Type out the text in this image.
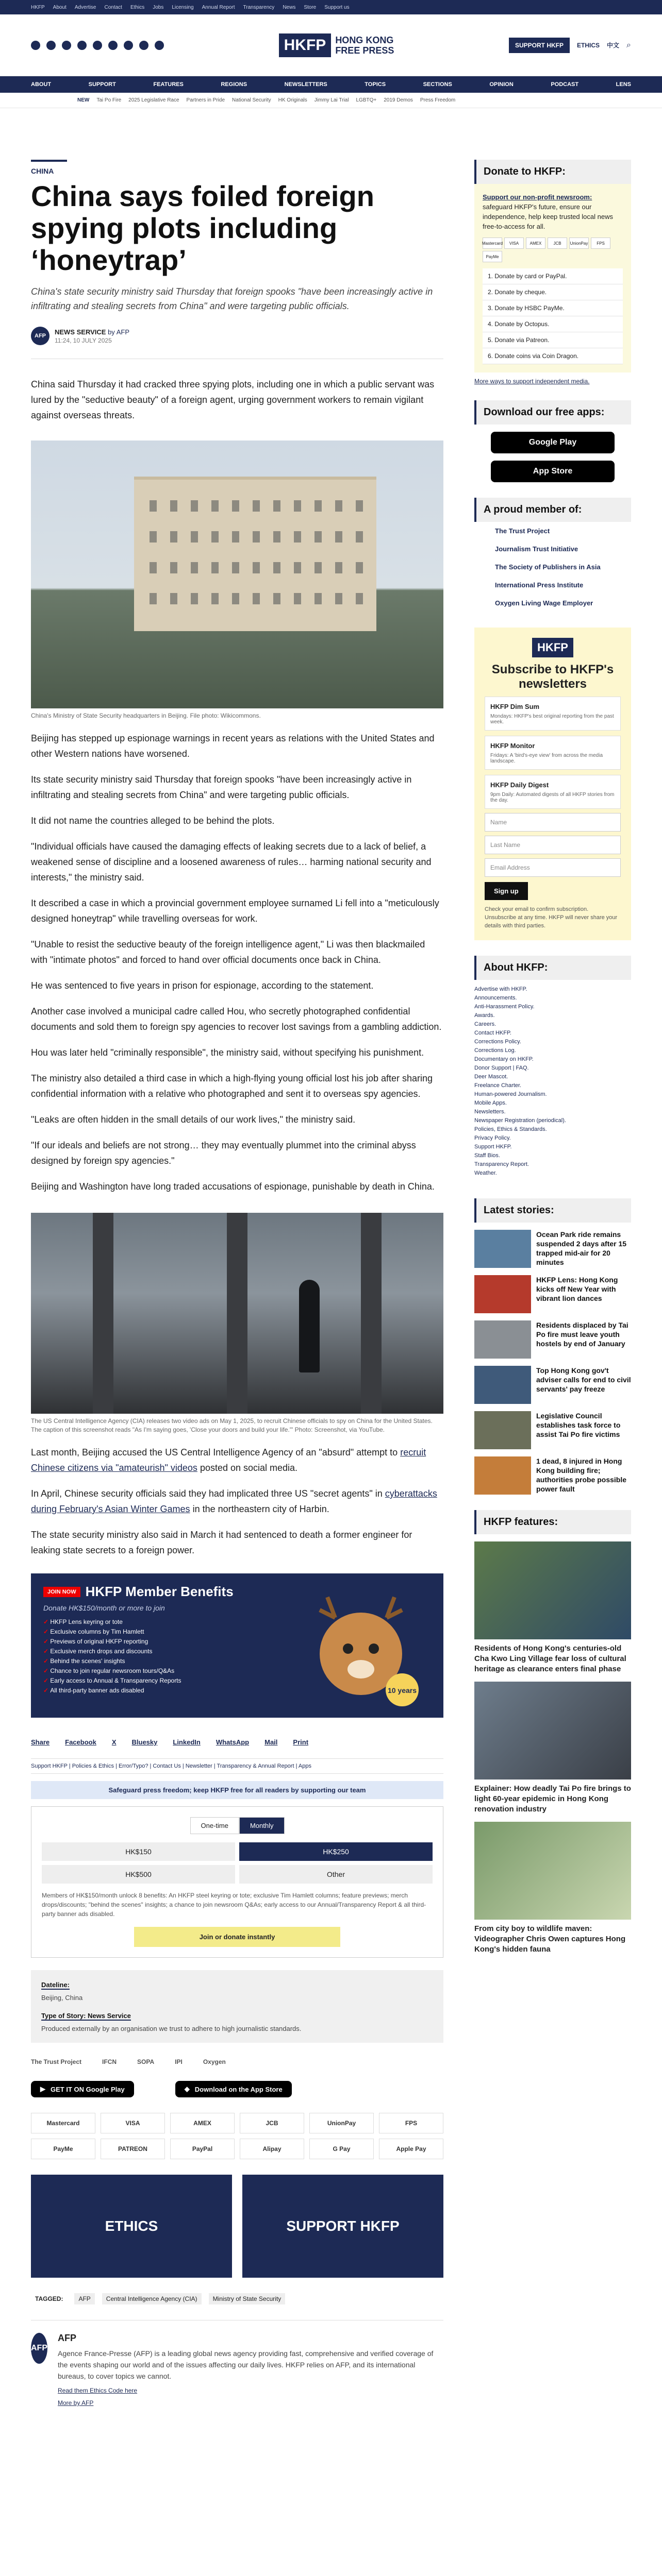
HKFP About Advertise Contact Ethics Jobs Licensing Annual Report Transparency News Store Support us
HKFP	HONG KONG
FREE PRESS	SUPPORT HKFP	ETHICS 中文 ⌕
ABOUT	SUPPORT	FEATURES	REGIONS	NEWSLETTERS	TOPICS	SECTIONS	OPINION	PODCAST	LENS
NEW Tai Po Fire 2025 Legislative Race Partners in Pride National Security HK Originals Jimmy Lai Trial LGBTQ+ 2019 Demos Press Freedom
CHINA
China says foiled foreign spying plots including ‘honeytrap’
China's state security ministry said Thursday that foreign spooks "have been increasingly active in infiltrating and stealing secrets from China" and were targeting public officials.
AFP
NEWS SERVICE by AFP
11:24, 10 JULY 2025
China said Thursday it had cracked three spying plots, including one in which a public servant was lured by the "seductive beauty" of a foreign agent, urging government workers to remain vigilant against overseas threats.
China's Ministry of State Security headquarters in Beijing. File photo: Wikicommons.
Beijing has stepped up espionage warnings in recent years as relations with the United States and other Western nations have worsened.
Its state security ministry said Thursday that foreign spooks "have been increasingly active in infiltrating and stealing secrets from China" and were targeting public officials.
It did not name the countries alleged to be behind the plots.
"Individual officials have caused the damaging effects of leaking secrets due to a lack of belief, a weakened sense of discipline and a loosened awareness of rules… harming national security and interests," the ministry said.
It described a case in which a provincial government employee surnamed Li fell into a "meticulously designed honeytrap" while travelling overseas for work.
"Unable to resist the seductive beauty of the foreign intelligence agent," Li was then blackmailed with "intimate photos" and forced to hand over official documents once back in China.
He was sentenced to five years in prison for espionage, according to the statement.
Another case involved a municipal cadre called Hou, who secretly photographed confidential documents and sold them to foreign spy agencies to recover lost savings from a gambling addiction.
Hou was later held "criminally responsible", the ministry said, without specifying his punishment.
The ministry also detailed a third case in which a high-flying young official lost his job after sharing confidential information with a relative who photographed and sent it to overseas spy agencies.
"Leaks are often hidden in the small details of our work lives," the ministry said.
"If our ideals and beliefs are not strong… they may eventually plummet into the criminal abyss designed by foreign spy agencies."
Beijing and Washington have long traded accusations of espionage, punishable by death in China.
The US Central Intelligence Agency (CIA) releases two video ads on May 1, 2025, to recruit Chinese officials to spy on China for the United States. The caption of this screenshot reads "As I'm saying goes, 'Close your doors and build your life.'" Photo: Screenshot, via YouTube.
Last month, Beijing accused the US Central Intelligence Agency of an "absurd" attempt to recruit Chinese citizens via "amateurish" videos posted on social media.
In April, Chinese security officials said they had implicated three US "secret agents" in cyberattacks during February's Asian Winter Games in the northeastern city of Harbin.
The state security ministry also said in March it had sentenced to death a former engineer for leaking state secrets to a foreign power.
JOIN NOW HKFP Member Benefits
Donate HK$150/month or more to join
✓ HKFP Lens keyring or tote
✓ Exclusive columns by Tim Hamlett
✓ Previews of original HKFP reporting
✓ Exclusive merch drops and discounts
✓ Behind the scenes' insights
✓ Chance to join regular newsroom tours/Q&As
✓ Early access to Annual & Transparency Reports
✓ All third-party banner ads disabled	10 years
Share Facebook X Bluesky LinkedIn WhatsApp Mail Print
Support HKFP | Policies & Ethics | Error/Typo? | Contact Us | Newsletter | Transparency & Annual Report | Apps
Safeguard press freedom; keep HKFP free for all readers by supporting our team
One-time	Monthly
HK$150	HK$250
HK$500	Other
Members of HK$150/month unlock 8 benefits: An HKFP steel keyring or tote; exclusive Tim Hamlett columns; feature previews; merch drops/discounts; "behind the scenes" insights; a chance to join newsroom Q&As; early access to our Annual/Transparency Report & all third-party banner ads disabled.
Join or donate instantly
Dateline:
Beijing, China
Type of Story: News Service
Produced externally by an organisation we trust to adhere to high journalistic standards.
The Trust Project	IFCN	SOPA	IPI	Oxygen
▶ GET IT ON Google Play	◆ Download on the App Store
Mastercard	VISA	AMEX	JCB	UnionPay	FPS
PayMe	PATREON	PayPal	Alipay	G Pay	Apple Pay
ETHICS	SUPPORT HKFP
TAGGED:	AFP	Central Intelligence Agency (CIA)	Ministry of State Security
AFP
AFP
Agence France-Presse (AFP) is a leading global news agency providing fast, comprehensive and verified coverage of the events shaping our world and of the issues affecting our daily lives. HKFP relies on AFP, and its international bureaus, to cover topics we cannot.
Read them Ethics Code here
More by AFP
Donate to HKFP:
Support our non-profit newsroom: safeguard HKFP's future, ensure our independence, help keep trusted local news free-to-access for all.
Mastercard	VISA	AMEX	JCB	UnionPay	FPS
PayMe
1. Donate by card or PayPal.
2. Donate by cheque.
3. Donate by HSBC PayMe.
4. Donate by Octopus.
5. Donate via Patreon.
6. Donate coins via Coin Dragon.
More ways to support independent media.
Download our free apps:
Google Play
App Store
A proud member of:
The Trust Project
Journalism Trust Initiative
The Society of Publishers in Asia
International Press Institute
Oxygen Living Wage Employer
HKFP
Subscribe to HKFP's newsletters
HKFP Dim Sum

Mondays: HKFP's best original reporting from the past week.

HKFP Monitor

Fridays: A 'bird's-eye view' from across the media landscape.

HKFP Daily Digest

9pm Daily: Automated digests of all HKFP stories from the day.

Name
Last Name
Email Address
Sign up
Check your email to confirm subscription. Unsubscribe at any time. HKFP will never share your details with third parties.
About HKFP:
Advertise with HKFP.
Announcements.
Anti-Harassment Policy.
Awards.
Careers.
Contact HKFP.
Corrections Policy.
Corrections Log.
Documentary on HKFP.
Donor Support | FAQ.
Deer Mascot.
Freelance Charter.
Human-powered Journalism.
Mobile Apps.
Newsletters.
Newspaper Registration (periodical).
Policies, Ethics & Standards.
Privacy Policy.
Support HKFP.
Staff Bios.
Transparency Report.
Weather.
Latest stories:
Ocean Park ride remains suspended 2 days after 15 trapped mid-air for 20 minutes
HKFP Lens: Hong Kong kicks off New Year with vibrant lion dances
Residents displaced by Tai Po fire must leave youth hostels by end of January
Top Hong Kong gov't adviser calls for end to civil servants' pay freeze
Legislative Council establishes task force to assist Tai Po fire victims
1 dead, 8 injured in Hong Kong building fire; authorities probe possible power fault
HKFP features:
Residents of Hong Kong's centuries-old Cha Kwo Ling Village fear loss of cultural heritage as clearance enters final phase
Explainer: How deadly Tai Po fire brings to light 60-year epidemic in Hong Kong renovation industry
From city boy to wildlife maven: Videographer Chris Owen captures Hong Kong's hidden fauna
